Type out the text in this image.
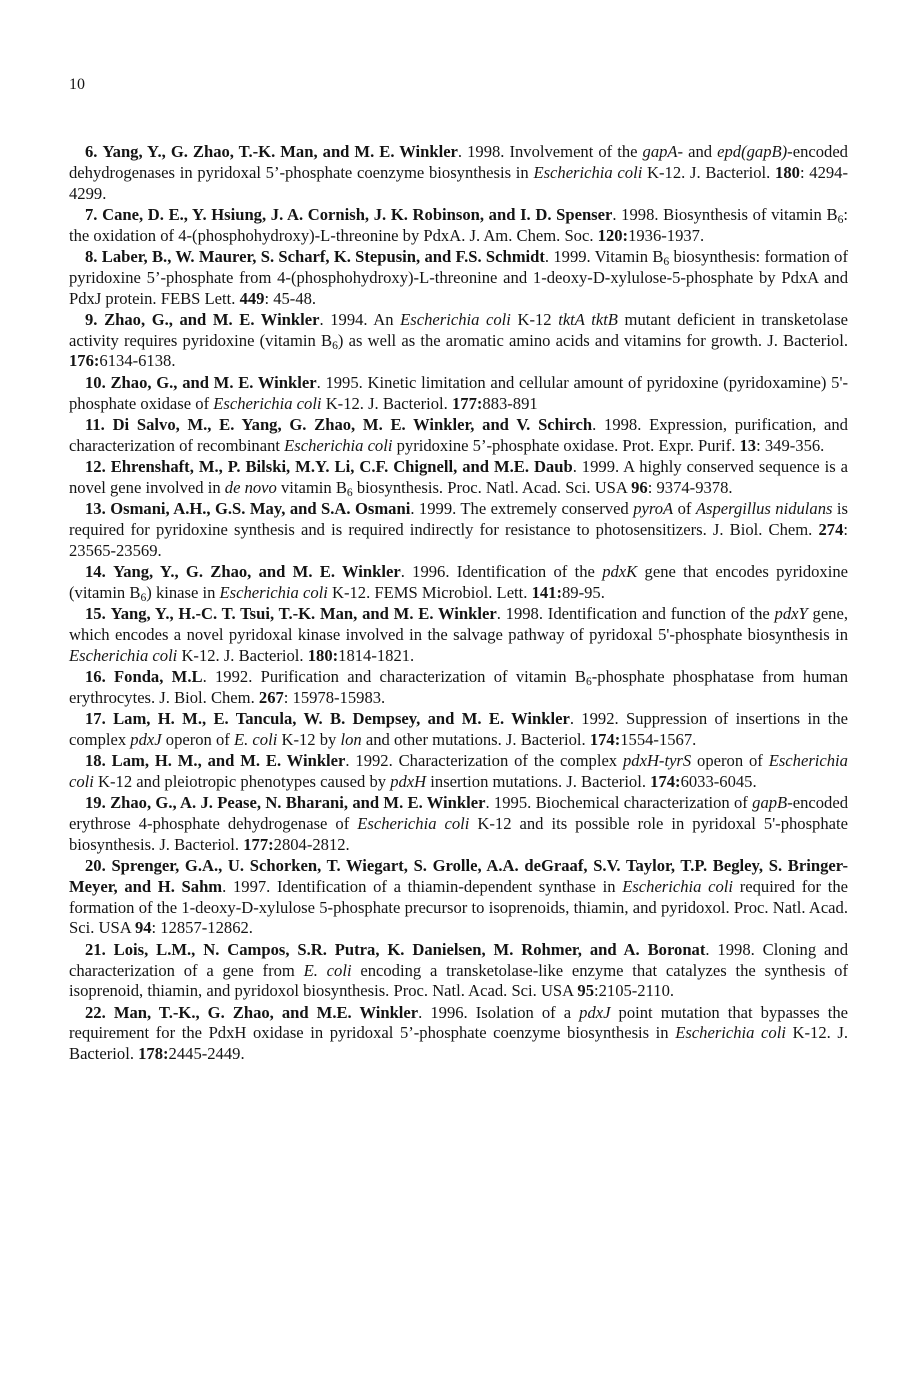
10

6. Yang, Y., G. Zhao, T.-K. Man, and M. E. Winkler. 1998. Involvement of the gapA- and epd(gapB)-encoded dehydrogenases in pyridoxal 5’-phosphate coenzyme biosynthesis in Escherichia coli K-12. J. Bacteriol. 180: 4294-4299.

7. Cane, D. E., Y. Hsiung, J. A. Cornish, J. K. Robinson, and I. D. Spenser. 1998. Biosynthesis of vitamin $B_6$: the oxidation of 4-(phosphohydroxy)-L-threonine by PdxA. J. Am. Chem. Soc. 120:1936-1937.

8. Laber, B., W. Maurer, S. Scharf, K. Stepusin, and F.S. Schmidt. 1999. Vitamin $B_6$ biosynthesis: formation of pyridoxine 5’-phosphate from 4-(phosphohydroxy)-L-threonine and 1-deoxy-D-xylulose-5-phosphate by PdxA and PdxJ protein. FEBS Lett. 449: 45-48.

9. Zhao, G., and M. E. Winkler. 1994. An Escherichia coli K-12 tktA tktB mutant deficient in transketolase activity requires pyridoxine (vitamin $B_6$) as well as the aromatic amino acids and vitamins for growth. J. Bacteriol. 176:6134-6138.

10. Zhao, G., and M. E. Winkler. 1995. Kinetic limitation and cellular amount of pyridoxine (pyridoxamine) 5'-phosphate oxidase of Escherichia coli K-12. J. Bacteriol. 177:883-891

11. Di Salvo, M., E. Yang, G. Zhao, M. E. Winkler, and V. Schirch. 1998. Expression, purification, and characterization of recombinant Escherichia coli pyridoxine 5’-phosphate oxidase. Prot. Expr. Purif. 13: 349-356.

12. Ehrenshaft, M., P. Bilski, M.Y. Li, C.F. Chignell, and M.E. Daub. 1999. A highly conserved sequence is a novel gene involved in de novo vitamin $B_6$ biosynthesis. Proc. Natl. Acad. Sci. USA 96: 9374-9378.

13. Osmani, A.H., G.S. May, and S.A. Osmani. 1999. The extremely conserved pyroA of Aspergillus nidulans is required for pyridoxine synthesis and is required indirectly for resistance to photosensitizers. J. Biol. Chem. 274: 23565-23569.

14. Yang, Y., G. Zhao, and M. E. Winkler. 1996. Identification of the pdxK gene that encodes pyridoxine (vitamin $B_6$) kinase in Escherichia coli K-12. FEMS Microbiol. Lett. 141:89-95.

15. Yang, Y., H.-C. T. Tsui, T.-K. Man, and M. E. Winkler. 1998. Identification and function of the pdxY gene, which encodes a novel pyridoxal kinase involved in the salvage pathway of pyridoxal 5'-phosphate biosynthesis in Escherichia coli K-12. J. Bacteriol. 180:1814-1821.

16. Fonda, M.L. 1992. Purification and characterization of vitamin $B_6$-phosphate phosphatase from human erythrocytes. J. Biol. Chem. 267: 15978-15983.

17. Lam, H. M., E. Tancula, W. B. Dempsey, and M. E. Winkler. 1992. Suppression of insertions in the complex pdxJ operon of E. coli K-12 by lon and other mutations. J. Bacteriol. 174:1554-1567.

18. Lam, H. M., and M. E. Winkler. 1992. Characterization of the complex pdxH-tyrS operon of Escherichia coli K-12 and pleiotropic phenotypes caused by pdxH insertion mutations. J. Bacteriol. 174:6033-6045.

19. Zhao, G., A. J. Pease, N. Bharani, and M. E. Winkler. 1995. Biochemical characterization of gapB-encoded erythrose 4-phosphate dehydrogenase of Escherichia coli K-12 and its possible role in pyridoxal 5'-phosphate biosynthesis. J. Bacteriol. 177:2804-2812.

20. Sprenger, G.A., U. Schorken, T. Wiegart, S. Grolle, A.A. deGraaf, S.V. Taylor, T.P. Begley, S. Bringer-Meyer, and H. Sahm. 1997. Identification of a thiamin-dependent synthase in Escherichia coli required for the formation of the 1-deoxy-D-xylulose 5-phosphate precursor to isoprenoids, thiamin, and pyridoxol. Proc. Natl. Acad. Sci. USA 94: 12857-12862.

21. Lois, L.M., N. Campos, S.R. Putra, K. Danielsen, M. Rohmer, and A. Boronat. 1998. Cloning and characterization of a gene from E. coli encoding a transketolase-like enzyme that catalyzes the synthesis of isoprenoid, thiamin, and pyridoxol biosynthesis. Proc. Natl. Acad. Sci. USA 95:2105-2110.

22. Man, T.-K., G. Zhao, and M.E. Winkler. 1996. Isolation of a pdxJ point mutation that bypasses the requirement for the PdxH oxidase in pyridoxal 5’-phosphate coenzyme biosynthesis in Escherichia coli K-12. J. Bacteriol. 178:2445-2449.
